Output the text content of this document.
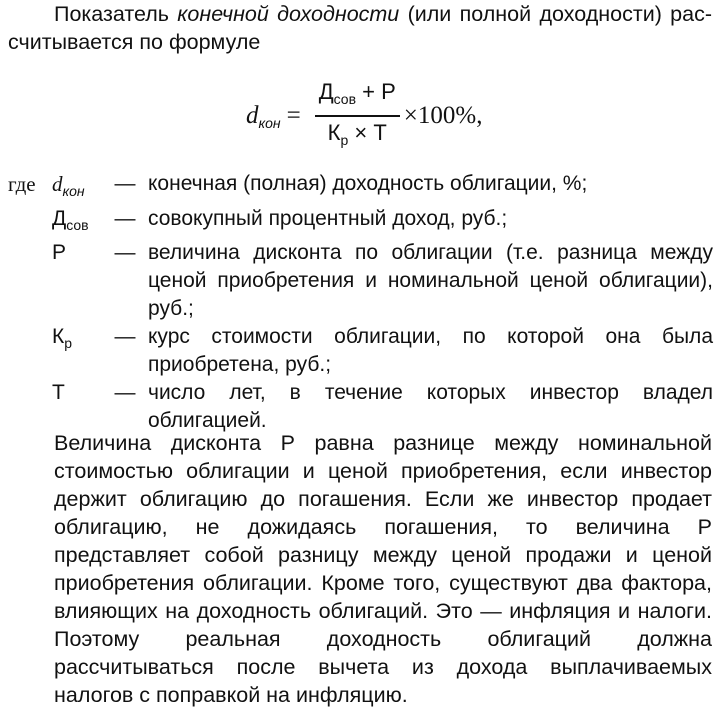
Показатель конечной доходности (или полной доходности) рас-
считывается по формуле
$d_{кон} = \frac{Д_{сов} + Р}{К_р \times Т} \times 100\%$,
где $d_{кон}$	— конечная (полная) доходность облигации, %;
$Д_{сов}$	— совокупный процентный доход, руб.;
Р	— величина дисконта по облигации (т.е. разница между ценой приобретения и номинальной ценой облигации), руб.;
$К_р$	— курс стоимости облигации, по которой она была приобретена, руб.;
Т	— число лет, в течение которых инвестор владел облигацией.
Величина дисконта Р равна разнице между номинальной стоимостью облигации и ценой приобретения, если инвестор держит облигацию до погашения. Если же инвестор продает облигацию, не дожидаясь погашения, то величина Р представляет собой разницу между ценой продажи и ценой приобретения облигации. Кроме того, существуют два фактора, влияющих на доходность облигаций. Это — инфляция и налоги. Поэтому реальная доходность облигаций должна рассчитываться после вычета из дохода выплачиваемых налогов с поправкой на инфляцию.
